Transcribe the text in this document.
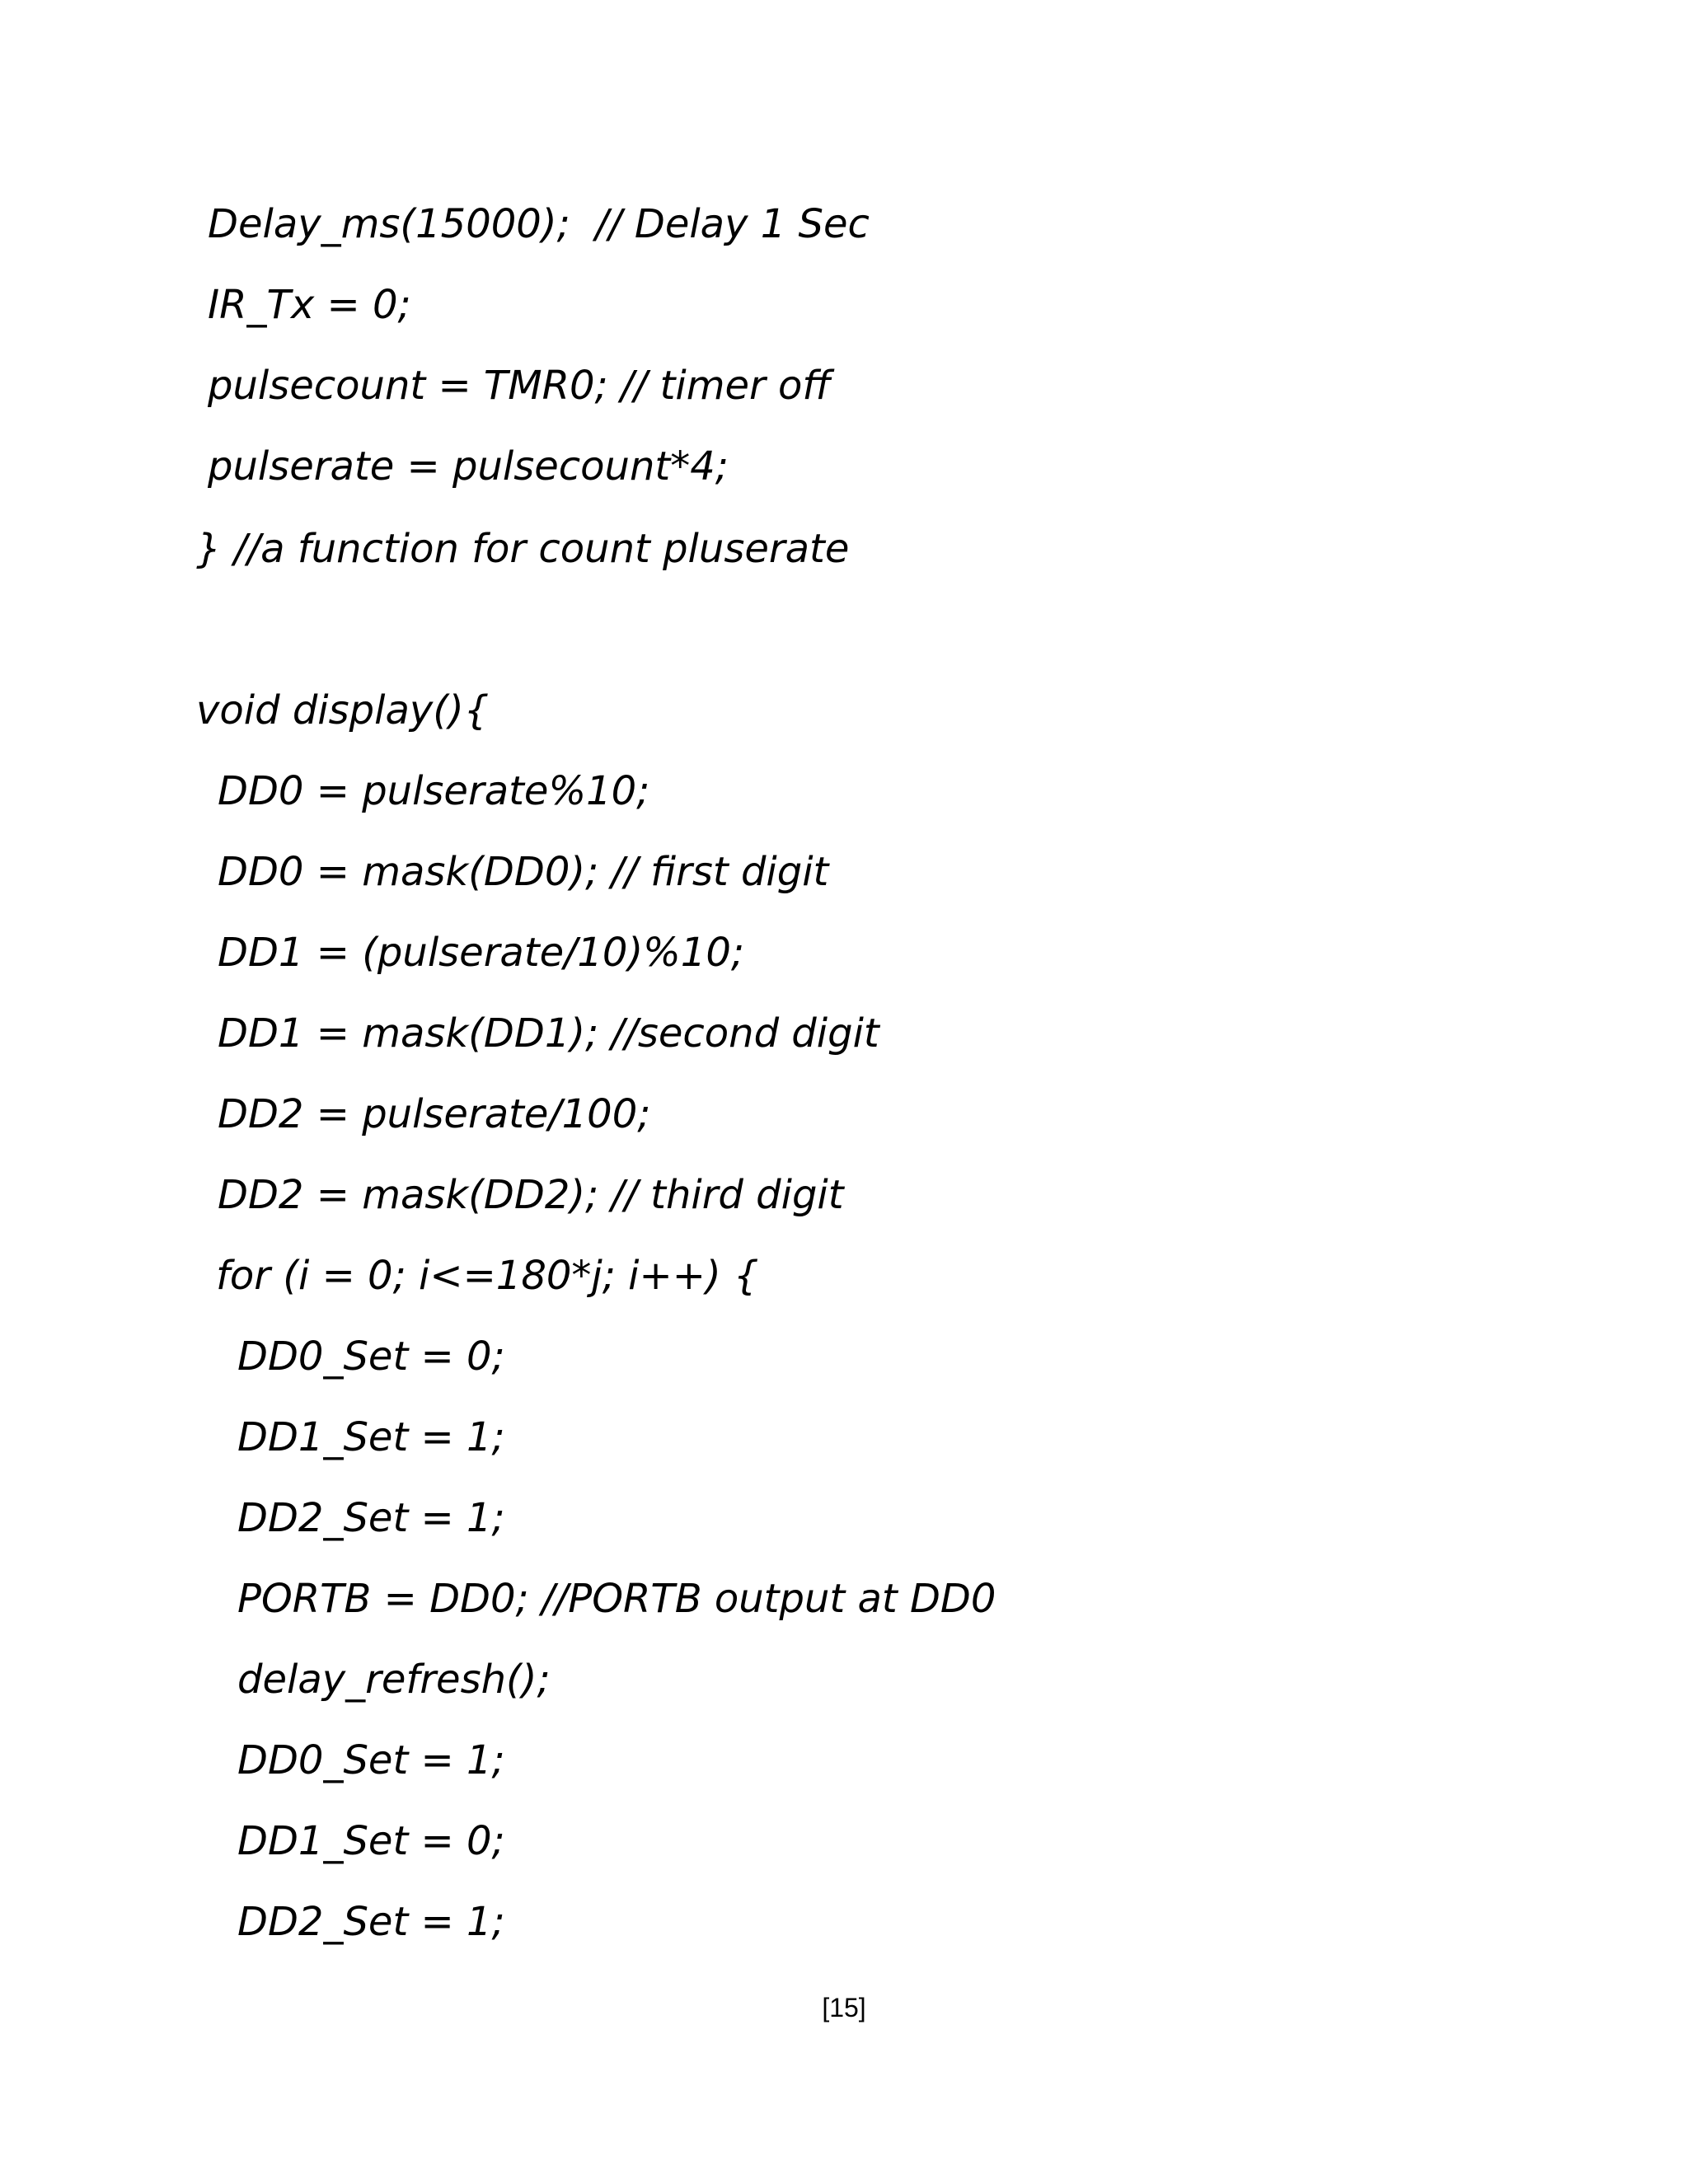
Delay_ms(15000);  // Delay 1 Sec

IR_Tx = 0;

pulsecount = TMR0; // timer off

pulserate = pulsecount*4;

} //a function for count pluserate

void display(){

DD0 = pulserate%10;

DD0 = mask(DD0); // first digit

DD1 = (pulserate/10)%10;

DD1 = mask(DD1); //second digit

DD2 = pulserate/100;

DD2 = mask(DD2); // third digit

for (i = 0; i<=180*j; i++) {

DD0_Set = 0;

DD1_Set = 1;

DD2_Set = 1;

PORTB = DD0; //PORTB output at DD0

delay_refresh();

DD0_Set = 1;

DD1_Set = 0;

DD2_Set = 1;

[15]
